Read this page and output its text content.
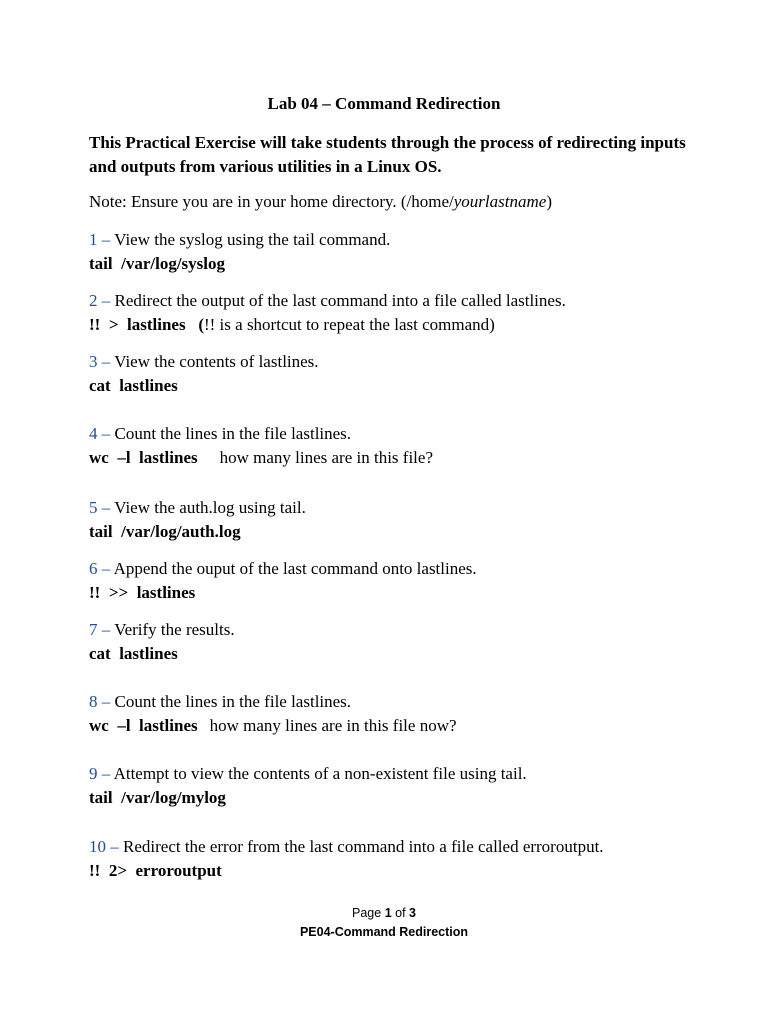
Lab 04 – Command Redirection
This Practical Exercise will take students through the process of redirecting inputs and outputs from various utilities in a Linux OS.
Note: Ensure you are in your home directory. (/home/yourlastname)
1 – View the syslog using the tail command.
tail  /var/log/syslog
2 – Redirect the output of the last command into a file called lastlines.
!!  >  lastlines   (!! is a shortcut to repeat the last command)
3 – View the contents of lastlines.
cat  lastlines
4 – Count the lines in the file lastlines.
wc  –l  lastlines how many lines are in this file?
5 – View the auth.log using tail.
tail  /var/log/auth.log
6 – Append the ouput of the last command onto lastlines.
!!  >>  lastlines
7 – Verify the results.
cat  lastlines
8 – Count the lines in the file lastlines.
wc  –l  lastlines how many lines are in this file now?
9 – Attempt to view the contents of a non-existent file using tail.
tail  /var/log/mylog
10 – Redirect the error from the last command into a file called erroroutput.
!!  2>  erroroutput
Page 1 of 3
PE04-Command Redirection
